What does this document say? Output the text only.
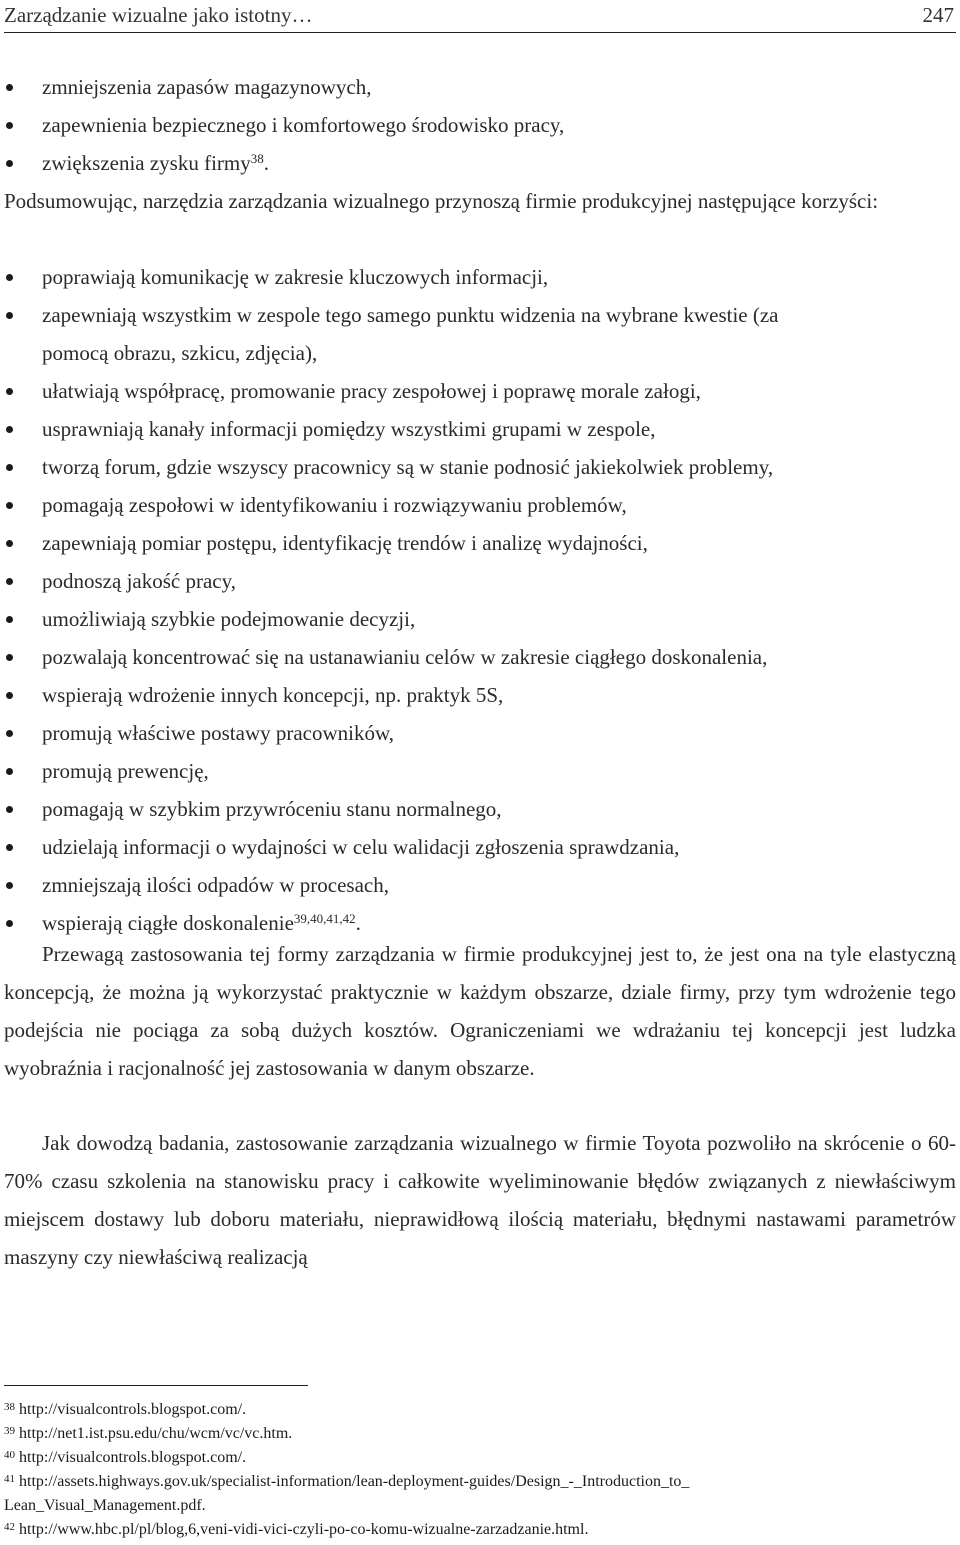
Zarządzanie wizualne jako istotny…	247
zmniejszenia zapasów magazynowych,
zapewnienia bezpiecznego i komfortowego środowisko pracy,
zwiększenia zysku firmy$^{38}$.

Podsumowując, narzędzia zarządzania wizualnego przynoszą firmie produkcyjnej następujące korzyści:

poprawiają komunikację w zakresie kluczowych informacji,
zapewniają wszystkim w zespole tego samego punktu widzenia na wybrane kwestie (za
pomocą obrazu, szkicu, zdjęcia),
ułatwiają współpracę, promowanie pracy zespołowej i poprawę morale załogi,
usprawniają kanały informacji pomiędzy wszystkimi grupami w zespole,
tworzą forum, gdzie wszyscy pracownicy są w stanie podnosić jakiekolwiek problemy,
pomagają zespołowi w identyfikowaniu i rozwiązywaniu problemów,
zapewniają pomiar postępu, identyfikację trendów i analizę wydajności,
podnoszą jakość pracy,
umożliwiają szybkie podejmowanie decyzji,
pozwalają koncentrować się na ustanawianiu celów w zakresie ciągłego doskonalenia,
wspierają wdrożenie innych koncepcji, np. praktyk 5S,
promują właściwe postawy pracowników,
promują prewencję,
pomagają w szybkim przywróceniu stanu normalnego,
udzielają informacji o wydajności w celu walidacji zgłoszenia sprawdzania,
zmniejszają ilości odpadów w procesach,
wspierają ciągłe doskonalenie$^{39,40,41,42}$.

Przewagą zastosowania tej formy zarządzania w firmie produkcyjnej jest to, że jest ona na tyle elastyczną koncepcją, że można ją wykorzystać praktycznie w każdym obszarze, dziale firmy, przy tym wdrożenie tego podejścia nie pociąga za sobą dużych kosztów. Ograniczeniami we wdrażaniu tej koncepcji jest ludzka wyobraźnia i racjonalność jej zastosowania w danym obszarze.

Jak dowodzą badania, zastosowanie zarządzania wizualnego w firmie Toyota pozwoliło na skrócenie o 60-70% czasu szkolenia na stanowisku pracy i całkowite wyeliminowanie błędów związanych z niewłaściwym miejscem dostawy lub doboru materiału, nieprawidłową ilością materiału, błędnymi nastawami parametrów maszyny czy niewłaściwą realizacją

$^{38}$ http://visualcontrols.blogspot.com/.
$^{39}$ http://net1.ist.psu.edu/chu/wcm/vc/vc.htm.
$^{40}$ http://visualcontrols.blogspot.com/.
$^{41}$ http://assets.highways.gov.uk/specialist-information/lean-deployment-guides/Design_-_Introduction_to_
Lean_Visual_Management.pdf.
$^{42}$ http://www.hbc.pl/pl/blog,6,veni-vidi-vici-czyli-po-co-komu-wizualne-zarzadzanie.html.
